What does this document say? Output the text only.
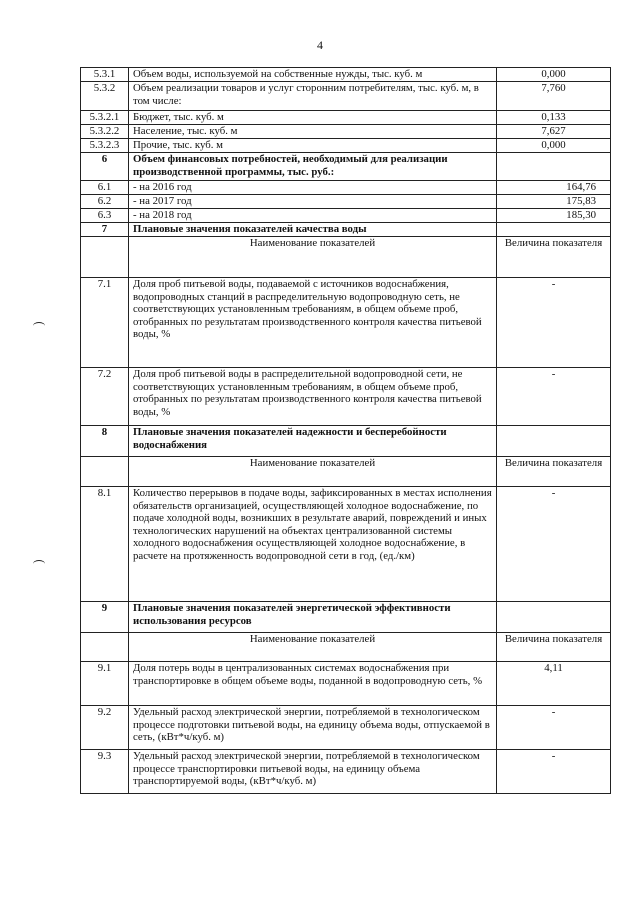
4
5.3.1	Объем воды, используемой на собственные нужды, тыс. куб. м	0,000
5.3.2	Объем реализации товаров и услуг сторонним потребителям, тыс. куб. м, в том числе:	7,760
5.3.2.1	Бюджет, тыс. куб. м	0,133
5.3.2.2	Население, тыс. куб. м	7,627
5.3.2.3	Прочие, тыс. куб. м	0,000
6	Объем финансовых потребностей, необходимый для реализации производственной программы, тыс. руб.:	
6.1	- на 2016 год	164,76
6.2	- на 2017 год	175,83
6.3	- на 2018 год	185,30
7	Плановые значения показателей качества воды	
	Наименование показателей	Величина показателя
7.1	Доля проб питьевой воды, подаваемой с источников водоснабжения, водопроводных станций в распределительную водопроводную сеть, не соответствующих установленным требованиям, в общем объеме проб, отобранных по результатам производственного контроля качества питьевой воды, %	-
7.2	Доля проб питьевой воды в распределительной водопроводной сети, не соответствующих установленным требованиям, в общем объеме проб, отобранных по результатам производственного контроля качества питьевой воды, %	-
8	Плановые значения показателей надежности и бесперебойности водоснабжения	
	Наименование показателей	Величина показателя
8.1	Количество перерывов в подаче воды, зафиксированных в местах исполнения обязательств организацией, осуществляющей холодное водоснабжение, по подаче холодной воды, возникших в результате аварий, повреждений и иных технологических нарушений на объектах централизованной системы холодного водоснабжения осуществляющей холодное водоснабжение, в расчете на протяженность водопроводной сети в год, (ед./км)	-
9	Плановые значения показателей энергетической эффективности использования ресурсов	
	Наименование показателей	Величина показателя
9.1	Доля потерь воды в централизованных системах водоснабжения при транспортировке в общем объеме воды, поданной в водопроводную сеть, %	4,11
9.2	Удельный расход электрической энергии, потребляемой в технологическом процессе подготовки питьевой воды, на единицу объема воды, отпускаемой в сеть, (кВт*ч/куб. м)	-
9.3	Удельный расход электрической энергии, потребляемой в технологическом процессе транспортировки питьевой воды, на единицу объема транспортируемой воды, (кВт*ч/куб. м)	-
